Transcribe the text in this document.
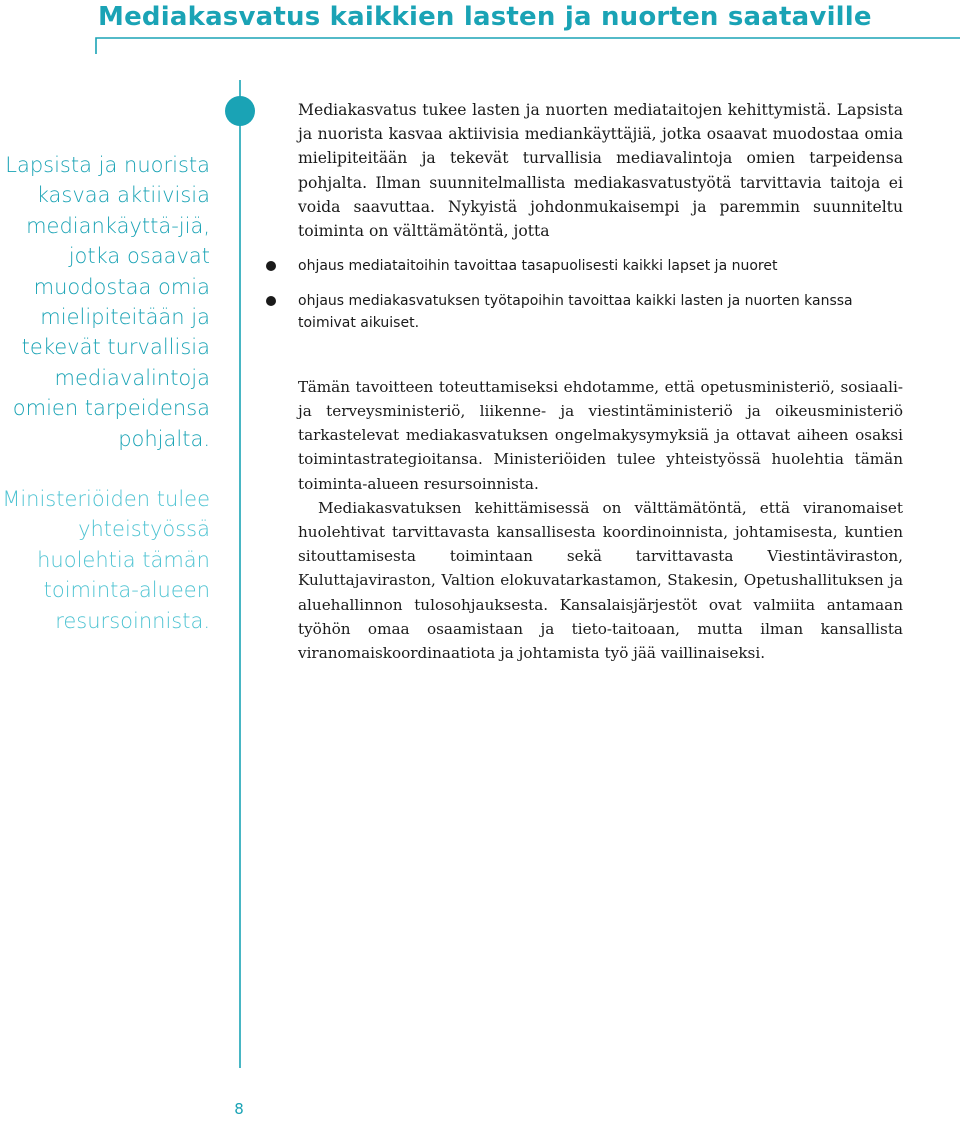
Mediakasvatus kaikkien lasten ja nuorten saataville

Lapsista ja nuorista kasvaa aktiivisia mediankäyttä-jiä, jotka osaavat muodostaa omia mielipiteitään ja tekevät turvallisia mediavalintoja omien tarpeidensa pohjalta.
Ministeriöiden tulee yhteistyössä huolehtia tämän toiminta-alueen resursoinnista.

Mediakasvatus tukee lasten ja nuorten mediataitojen kehittymistä. Lapsista ja nuorista kasvaa aktiivisia mediankäyttäjiä, jotka osaavat muodostaa omia mielipiteitään ja tekevät turvallisia mediavalintoja omien tarpeidensa pohjalta. Ilman suunnitelmallista mediakasvatustyötä tarvittavia taitoja ei voida saavuttaa. Nykyistä johdonmukaisempi ja paremmin suunniteltu toiminta on välttämätöntä, jotta

ohjaus mediataitoihin tavoittaa tasapuolisesti kaikki lapset ja nuoret
ohjaus mediakasvatuksen työtapoihin tavoittaa kaikki lasten ja nuorten kanssa toimivat aikuiset.

Tämän tavoitteen toteuttamiseksi ehdotamme, että opetusministeriö, sosiaali- ja terveysministeriö, liikenne- ja viestintäministeriö ja oikeusministeriö tarkastelevat mediakasvatuksen ongelmakysymyksiä ja ottavat aiheen osaksi toimintastrategioitansa. Ministeriöiden tulee yhteistyössä huolehtia tämän toiminta-alueen resursoinnista.

Mediakasvatuksen kehittämisessä on välttämätöntä, että viranomaiset huolehtivat tarvittavasta kansallisesta koordinoinnista, johtamisesta, kuntien sitouttamisesta toimintaan sekä tarvittavasta Viestintäviraston, Kuluttajaviraston, Valtion elokuvatarkastamon, Stakesin, Opetushallituksen ja aluehallinnon tulosohjauksesta. Kansalaisjärjestöt ovat valmiita antamaan työhön omaa osaamistaan ja tieto-taitoaan, mutta ilman kansallista viranomaiskoordinaatiota ja johtamista työ jää vaillinaiseksi.

8
